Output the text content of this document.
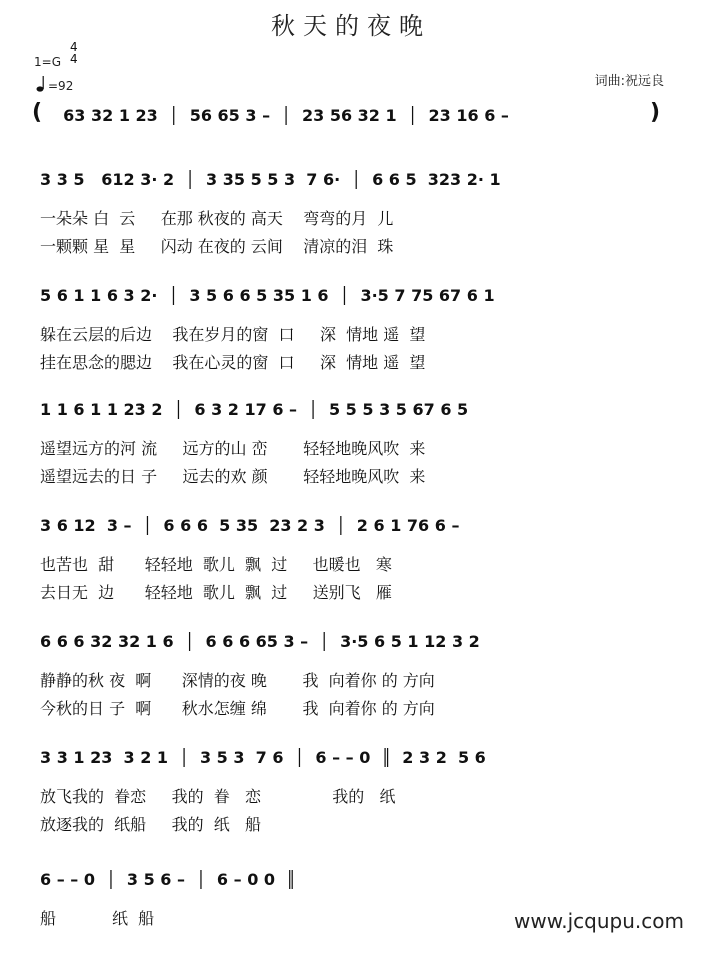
秋天的夜晚
1=G
4
4
=92	词曲:祝远良
( 63 32 1 23  │  56 65 3 –  │  23 56 32 1  │  23 16 6 –	)
3 3 5   612 3· 2  │  3 35 5 5 3  7 6·  │  6 6 5  323 2· 1
一朵朵 白  云     在那 秋夜的 高天    弯弯的月  儿
一颗颗 星  星     闪动 在夜的 云间    清凉的泪  珠
5 6 1 1 6 3 2·  │  3 5 6 6 5 35 1 6  │  3·5 7 75 67 6 1
躲在云层的后边    我在岁月的窗  口     深  情地 遥  望
挂在思念的腮边    我在心灵的窗  口     深  情地 遥  望
1 1 6 1 1 23 2  │  6 3 2 17 6 –  │  5 5 5 3 5 67 6 5
遥望远方的河 流     远方的山 峦       轻轻地晚风吹  来
遥望远去的日 子     远去的欢 颜       轻轻地晚风吹  来
3 6 12  3 –  │  6 6 6  5 35  23 2 3  │  2 6 1 76 6 –
也苦也  甜      轻轻地  歌儿  飘  过     也暖也   寒
去日无  边      轻轻地  歌儿  飘  过     送别飞   雁
6 6 6 32 32 1 6  │  6 6 6 65 3 –  │  3·5 6 5 1 12 3 2
静静的秋 夜  啊      深情的夜 晚       我  向着你 的 方向
今秋的日 子  啊      秋水怎缠 绵       我  向着你 的 方向
3 3 1 23  3 2 1  │  3 5 3  7 6  │  6 – – 0  ║  2 3 2  5 6
放飞我的  眷恋     我的  眷   恋              我的   纸
放逐我的  纸船     我的  纸   船
6 – – 0  │  3 5 6 –  │  6 – 0 0  ║
船           纸  船	www.jcqupu.com
